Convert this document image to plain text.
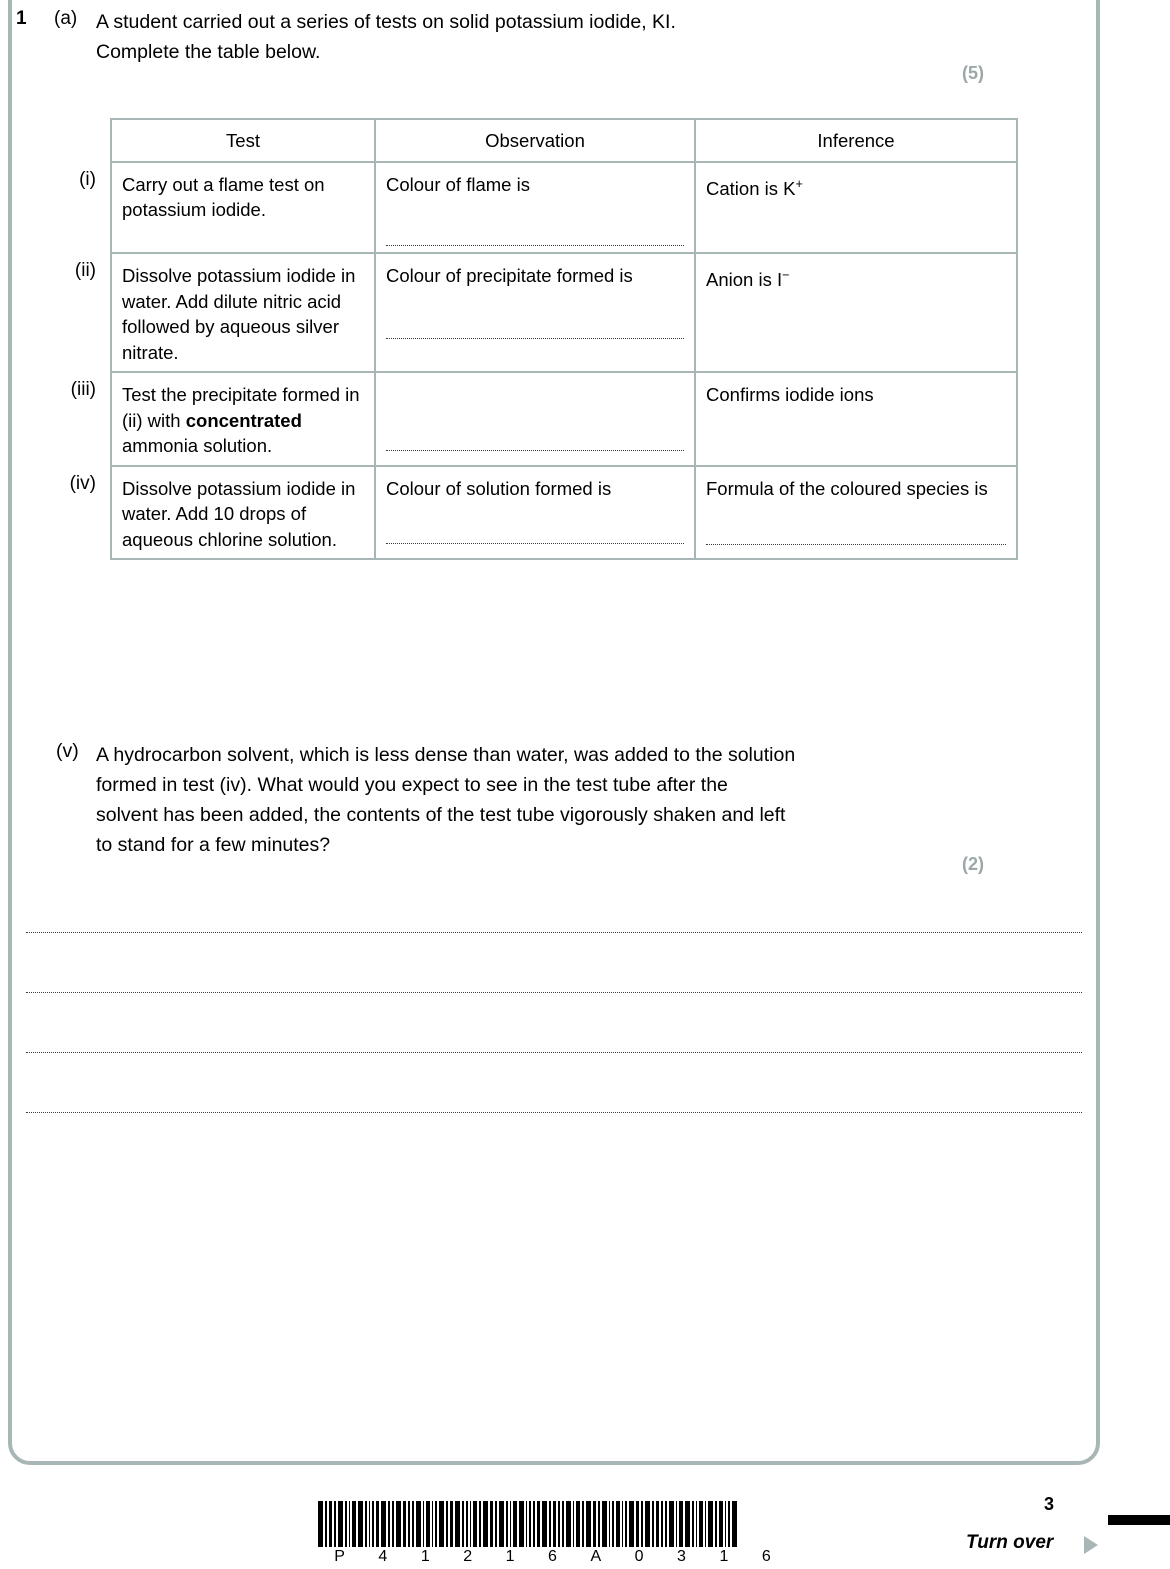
1 (a) A student carried out a series of tests on solid potassium iodide, KI.
Complete the table below.
(5)
(i)
(ii)
(iii)
(iv)
Test	Observation	Inference

Carry out a flame test on potassium iodide.	Colour of flame is	Cation is K+

Dissolve potassium iodide in water. Add dilute nitric acid followed by aqueous silver nitrate.	Colour of precipitate formed is	Anion is I−

Test the precipitate formed in (ii) with concentrated ammonia solution.		Confirms iodide ions

Dissolve potassium iodide in water. Add 10 drops of aqueous chlorine solution.	Colour of solution formed is	Formula of the coloured species is
(v) A hydrocarbon solvent, which is less dense than water, was added to the solution
formed in test (iv). What would you expect to see in the test tube after the
solvent has been added, the contents of the test tube vigorously shaken and left
to stand for a few minutes?
(2)
P 4 1 2 1 6 A 0 3 1 6
3
Turn over
